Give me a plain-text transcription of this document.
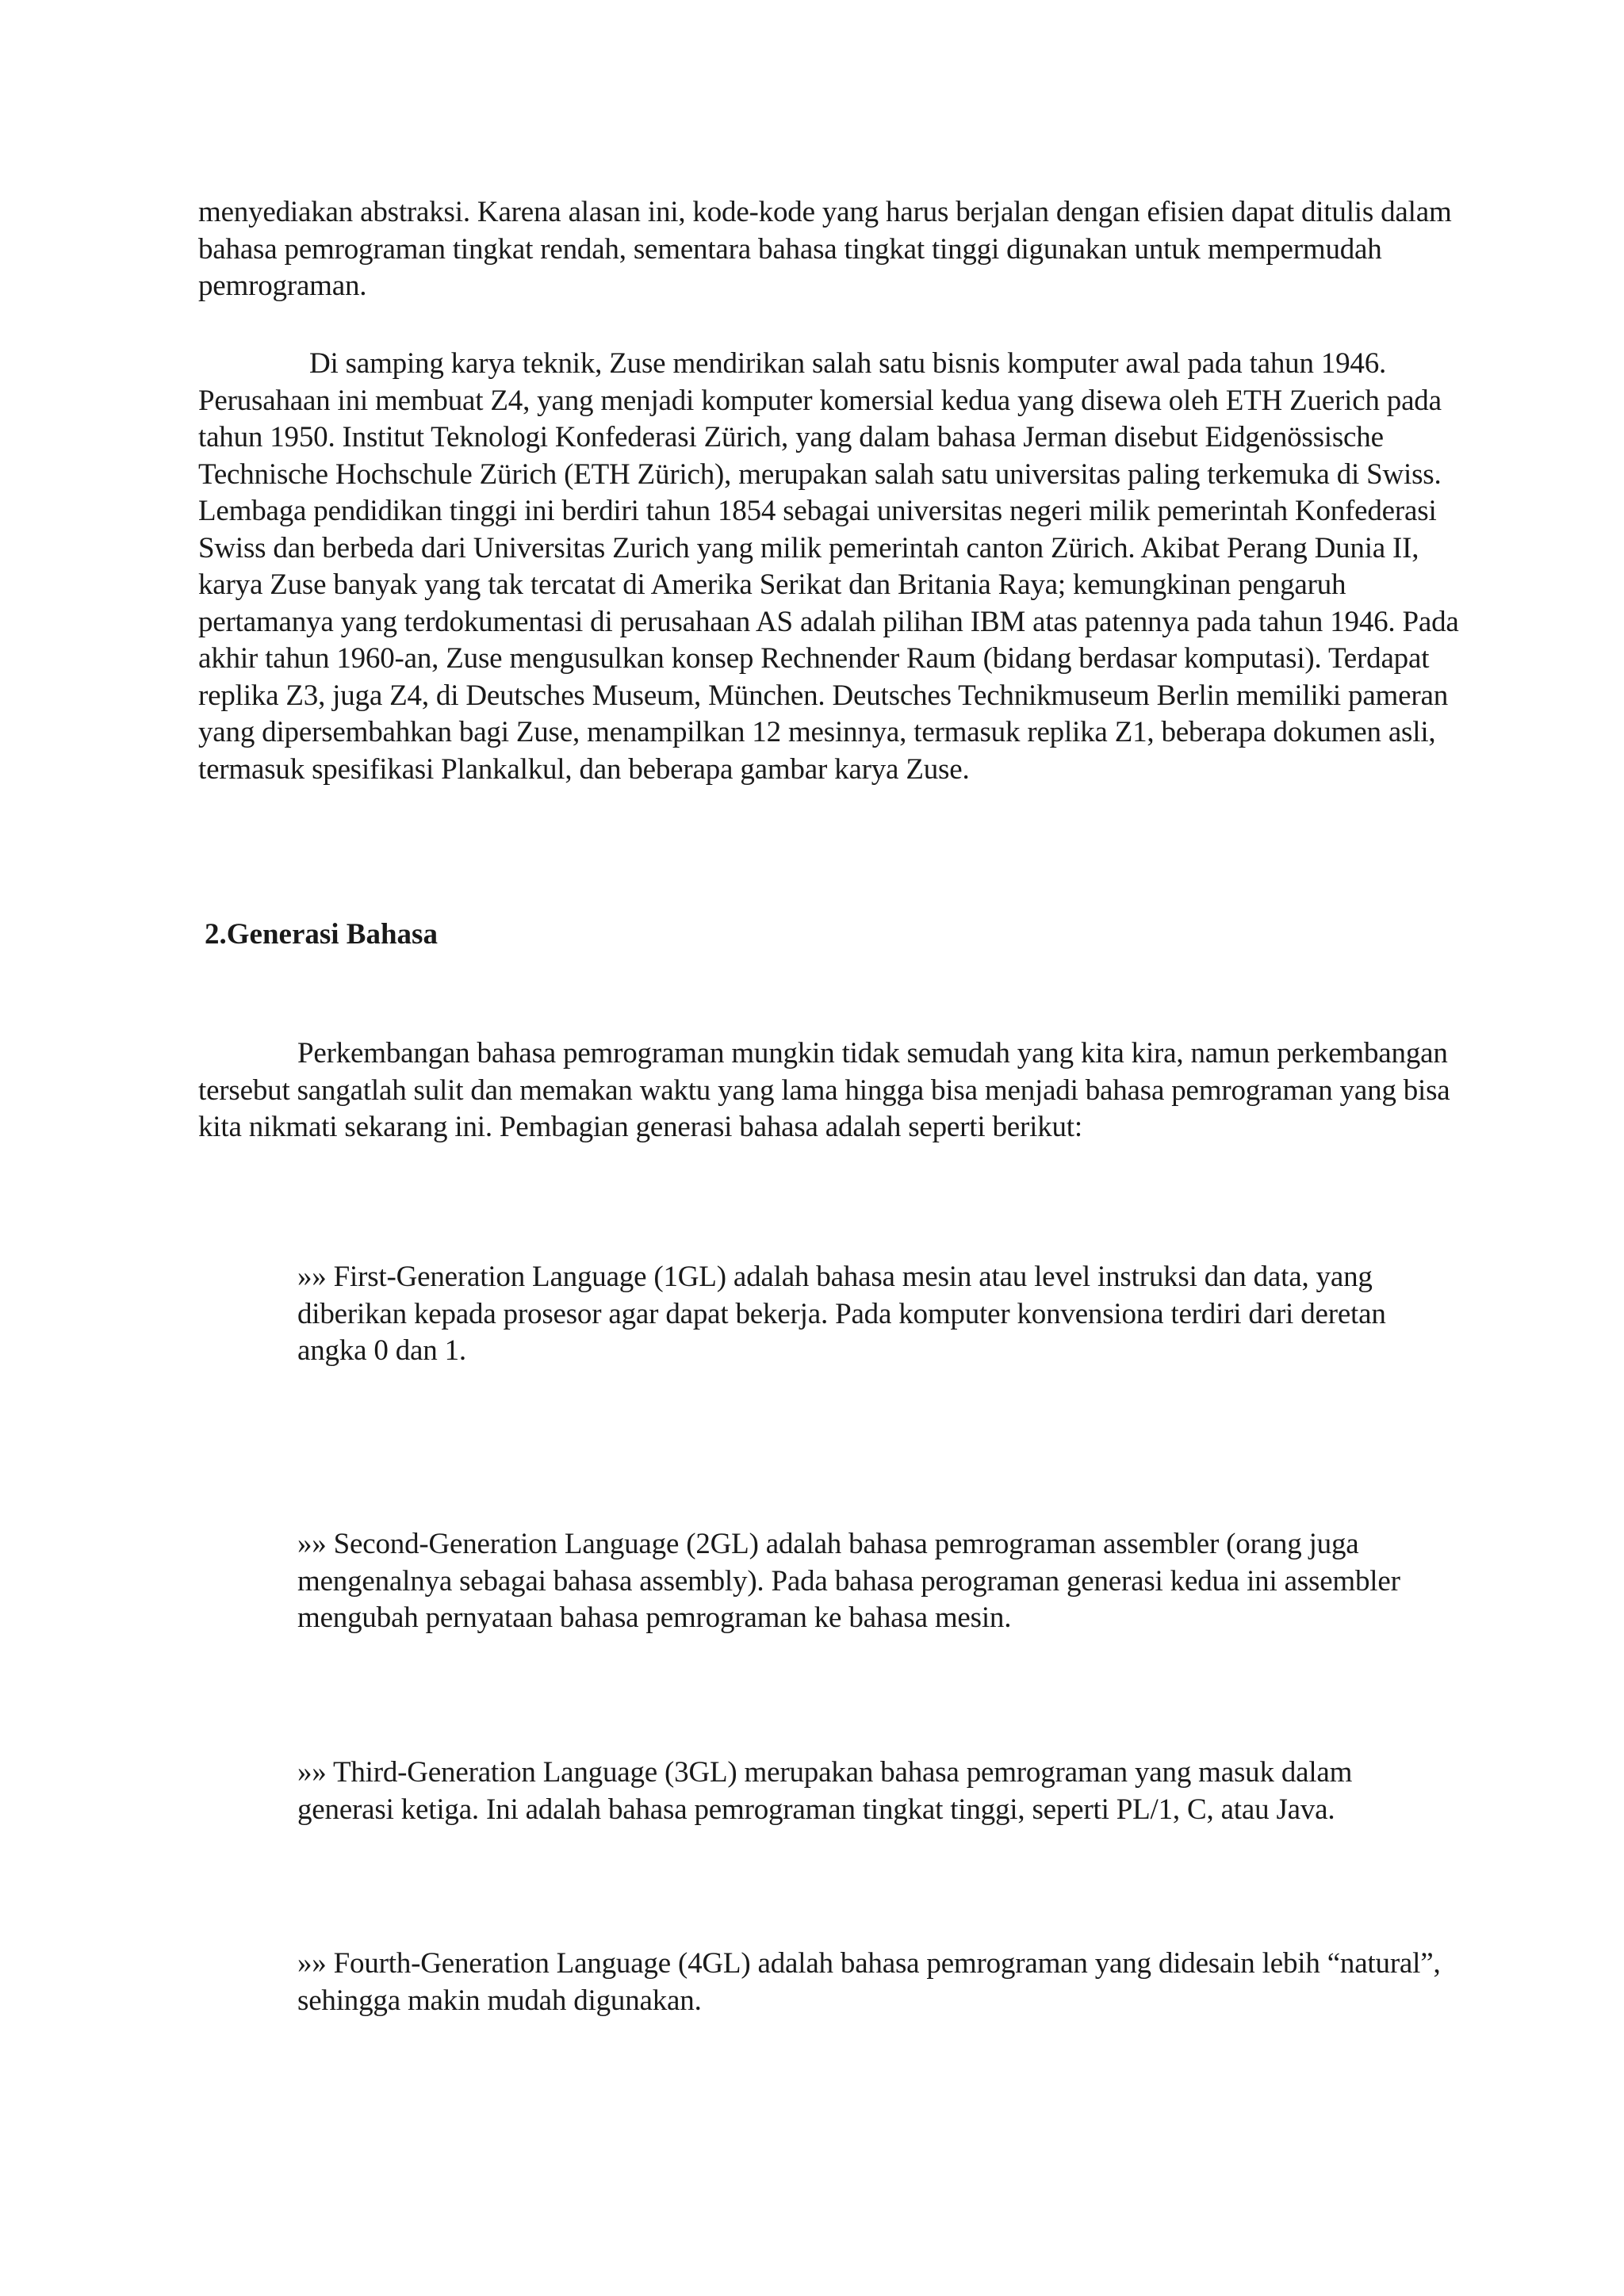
menyediakan abstraksi. Karena alasan ini, kode-kode yang harus berjalan dengan efisien dapat ditulis dalam bahasa pemrograman tingkat rendah, sementara bahasa tingkat tinggi digunakan untuk mempermudah pemrograman.

Di samping karya teknik, Zuse mendirikan salah satu bisnis komputer awal pada tahun 1946. Perusahaan ini membuat Z4, yang menjadi komputer komersial kedua yang disewa oleh ETH Zuerich pada tahun 1950. Institut Teknologi Konfederasi Zürich, yang dalam bahasa Jerman disebut Eidgenössische Technische Hochschule Zürich (ETH Zürich), merupakan salah satu universitas paling terkemuka di Swiss. Lembaga pendidikan tinggi ini berdiri tahun 1854 sebagai universitas negeri milik pemerintah Konfederasi Swiss dan berbeda dari Universitas Zurich yang milik pemerintah canton Zürich. Akibat Perang Dunia II, karya Zuse banyak yang tak tercatat di Amerika Serikat dan Britania Raya; kemungkinan pengaruh pertamanya yang terdokumentasi di perusahaan AS adalah pilihan IBM atas patennya pada tahun 1946. Pada akhir tahun 1960-an, Zuse mengusulkan konsep Rechnender Raum (bidang berdasar komputasi). Terdapat replika Z3, juga Z4, di Deutsches Museum, München. Deutsches Technikmuseum Berlin memiliki pameran yang dipersembahkan bagi Zuse, menampilkan 12 mesinnya, termasuk replika Z1, beberapa dokumen asli, termasuk spesifikasi Plankalkul, dan beberapa gambar karya Zuse.

2.Generasi Bahasa

Perkembangan bahasa pemrograman mungkin tidak semudah yang kita kira, namun perkembangan tersebut sangatlah sulit dan memakan waktu yang lama hingga bisa menjadi bahasa pemrograman yang bisa kita nikmati sekarang ini. Pembagian generasi bahasa adalah seperti berikut:

»» First-Generation Language (1GL) adalah bahasa mesin atau level instruksi dan data, yang diberikan kepada prosesor agar dapat bekerja. Pada komputer konvensiona terdiri dari deretan angka 0 dan 1.

»» Second-Generation Language (2GL) adalah bahasa pemrograman assembler (orang juga mengenalnya sebagai bahasa assembly). Pada bahasa perograman generasi kedua ini assembler mengubah pernyataan bahasa pemrograman ke bahasa mesin.

»» Third-Generation Language (3GL) merupakan bahasa pemrograman yang masuk dalam generasi ketiga. Ini adalah bahasa pemrograman tingkat tinggi, seperti PL/1, C, atau Java.

»» Fourth-Generation Language (4GL) adalah bahasa pemrograman yang didesain lebih “natural”, sehingga makin mudah digunakan.
